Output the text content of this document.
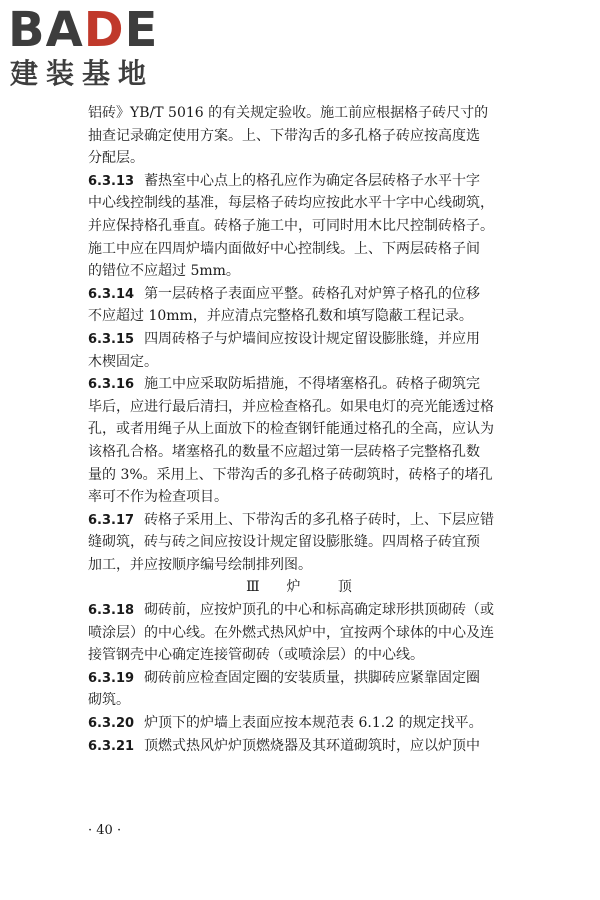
BADE
建装基地
铝砖》YB/T 5016 的有关规定验收。施工前应根据格子砖尺寸的
抽查记录确定使用方案。上、下带沟舌的多孔格子砖应按高度选
分配层。
6.3.13 蓄热室中心点上的格孔应作为确定各层砖格子水平十字
中心线控制线的基准，每层格子砖均应按此水平十字中心线砌筑，
并应保持格孔垂直。砖格子施工中，可同时用木比尺控制砖格子。
施工中应在四周炉墙内面做好中心控制线。上、下两层砖格子间
的错位不应超过 5mm。
6.3.14 第一层砖格子表面应平整。砖格孔对炉箅子格孔的位移
不应超过 10mm，并应清点完整格孔数和填写隐蔽工程记录。
6.3.15 四周砖格子与炉墙间应按设计规定留设膨胀缝，并应用
木楔固定。
6.3.16 施工中应采取防垢措施，不得堵塞格孔。砖格子砌筑完
毕后，应进行最后清扫，并应检查格孔。如果电灯的亮光能透过格
孔，或者用绳子从上面放下的检查钢钎能通过格孔的全高，应认为
该格孔合格。堵塞格孔的数量不应超过第一层砖格子完整格孔数
量的 3%。采用上、下带沟舌的多孔格子砖砌筑时，砖格子的堵孔
率可不作为检查项目。
6.3.17 砖格子采用上、下带沟舌的多孔格子砖时，上、下层应错
缝砌筑，砖与砖之间应按设计规定留设膨胀缝。四周格子砖宜预
加工，并应按顺序编号绘制排列图。
Ⅲ  炉   顶
6.3.18 砌砖前，应按炉顶孔的中心和标高确定球形拱顶砌砖（或
喷涂层）的中心线。在外燃式热风炉中，宜按两个球体的中心及连
接管钢壳中心确定连接管砌砖（或喷涂层）的中心线。
6.3.19 砌砖前应检查固定圈的安装质量，拱脚砖应紧靠固定圈
砌筑。
6.3.20 炉顶下的炉墙上表面应按本规范表 6.1.2 的规定找平。
6.3.21 顶燃式热风炉炉顶燃烧器及其环道砌筑时，应以炉顶中
· 40 ·
